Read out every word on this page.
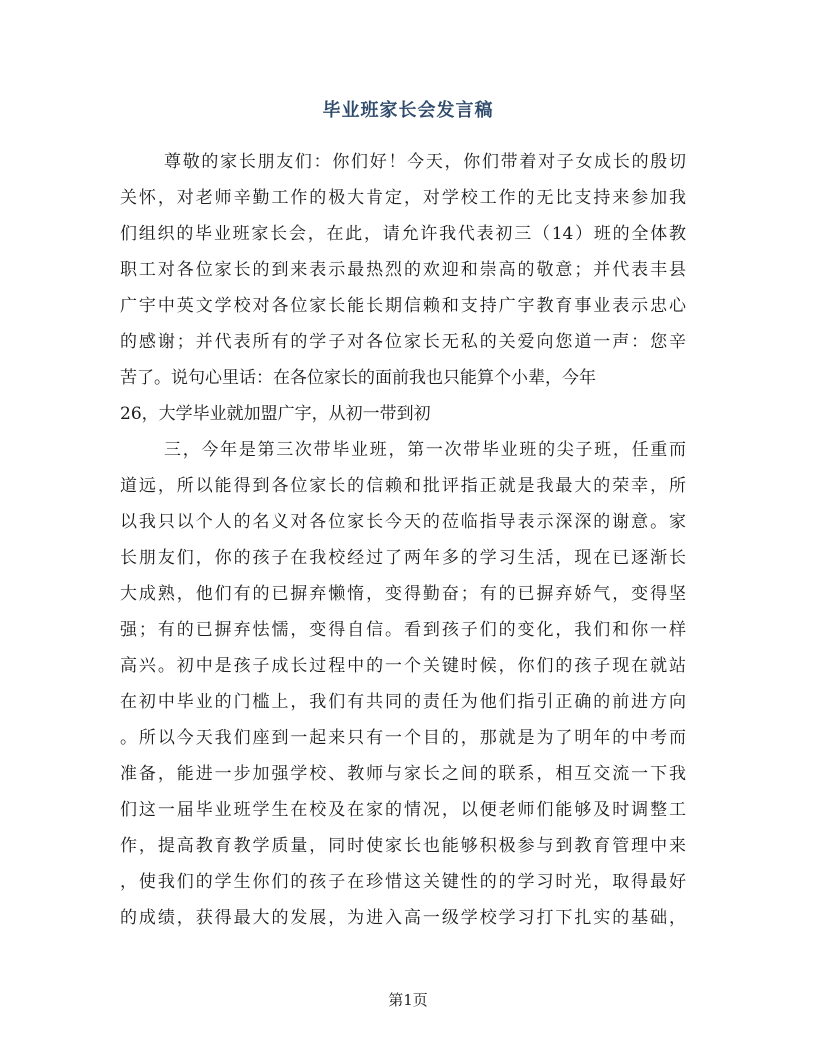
毕业班家长会发言稿
尊敬的家长朋友们：你们好！今天，你们带着对子女成长的殷切
关怀，对老师辛勤工作的极大肯定，对学校工作的无比支持来参加我
们组织的毕业班家长会，在此，请允许我代表初三（14）班的全体教
职工对各位家长的到来表示最热烈的欢迎和崇高的敬意；并代表丰县
广宇中英文学校对各位家长能长期信赖和支持广宇教育事业表示忠心
的感谢；并代表所有的学子对各位家长无私的关爱向您道一声：您辛
苦了。说句心里话：在各位家长的面前我也只能算个小辈，今年
26，大学毕业就加盟广宇，从初一带到初
三，今年是第三次带毕业班，第一次带毕业班的尖子班，任重而
道远，所以能得到各位家长的信赖和批评指正就是我最大的荣幸，所
以我只以个人的名义对各位家长今天的莅临指导表示深深的谢意。家
长朋友们，你的孩子在我校经过了两年多的学习生活，现在已逐渐长
大成熟，他们有的已摒弃懒惰，变得勤奋；有的已摒弃娇气，变得坚
强；有的已摒弃怯懦，变得自信。看到孩子们的变化，我们和你一样
高兴。初中是孩子成长过程中的一个关键时候，你们的孩子现在就站
在初中毕业的门槛上，我们有共同的责任为他们指引正确的前进方向
。所以今天我们座到一起来只有一个目的，那就是为了明年的中考而
准备，能进一步加强学校、教师与家长之间的联系，相互交流一下我
们这一届毕业班学生在校及在家的情况，以便老师们能够及时调整工
作，提高教育教学质量，同时使家长也能够积极参与到教育管理中来
，使我们的学生你们的孩子在珍惜这关键性的的学习时光，取得最好
的成绩，获得最大的发展，为进入高一级学校学习打下扎实的基础，
第1页
